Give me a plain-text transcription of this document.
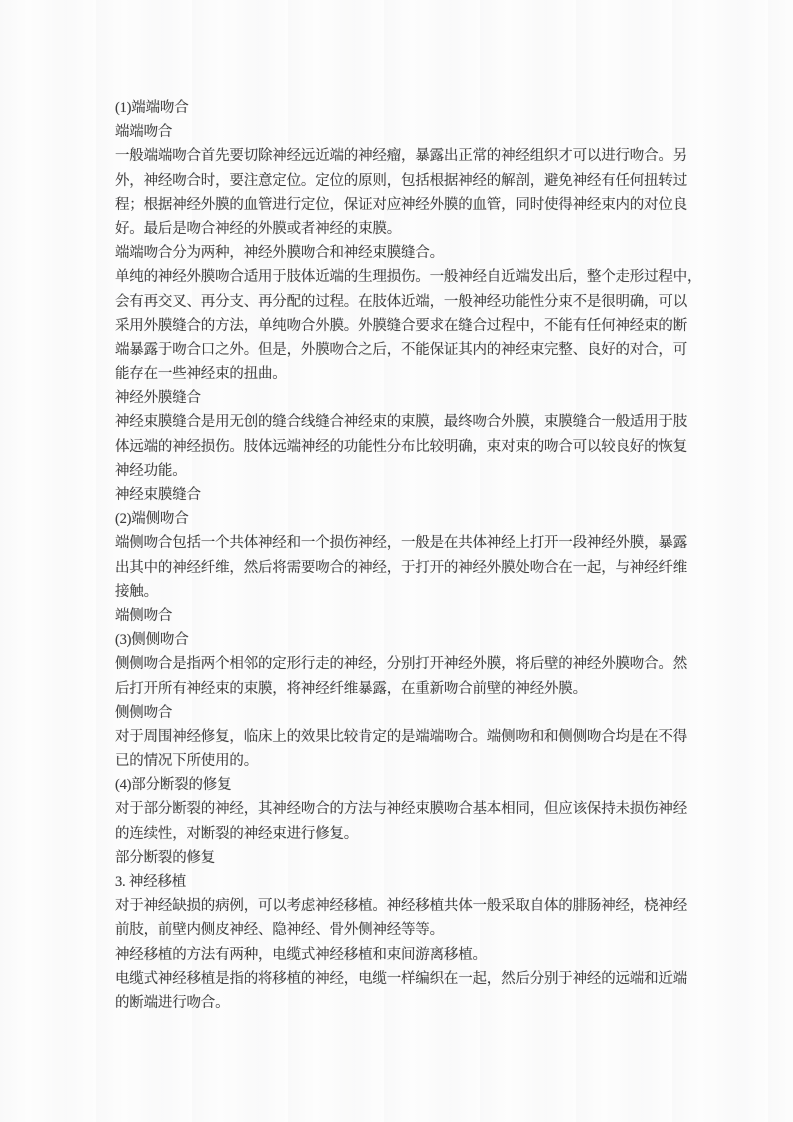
(1)端端吻合
端端吻合
一般端端吻合首先要切除神经远近端的神经瘤，暴露出正常的神经组织才可以进行吻合。另
外，神经吻合时，要注意定位。定位的原则，包括根据神经的解剖，避免神经有任何扭转过
程；根据神经外膜的血管进行定位，保证对应神经外膜的血管，同时使得神经束内的对位良
好。最后是吻合神经的外膜或者神经的束膜。
端端吻合分为两种，神经外膜吻合和神经束膜缝合。
单纯的神经外膜吻合适用于肢体近端的生理损伤。一般神经自近端发出后，整个走形过程中，
会有再交叉、再分支、再分配的过程。在肢体近端，一般神经功能性分束不是很明确，可以
采用外膜缝合的方法，单纯吻合外膜。外膜缝合要求在缝合过程中，不能有任何神经束的断
端暴露于吻合口之外。但是，外膜吻合之后，不能保证其内的神经束完整、良好的对合，可
能存在一些神经束的扭曲。
神经外膜缝合
神经束膜缝合是用无创的缝合线缝合神经束的束膜，最终吻合外膜，束膜缝合一般适用于肢
体远端的神经损伤。肢体远端神经的功能性分布比较明确，束对束的吻合可以较良好的恢复
神经功能。
神经束膜缝合
(2)端侧吻合
端侧吻合包括一个共体神经和一个损伤神经，一般是在共体神经上打开一段神经外膜，暴露
出其中的神经纤维，然后将需要吻合的神经，于打开的神经外膜处吻合在一起，与神经纤维
接触。
端侧吻合
(3)侧侧吻合
侧侧吻合是指两个相邻的定形行走的神经，分别打开神经外膜，将后壁的神经外膜吻合。然
后打开所有神经束的束膜，将神经纤维暴露，在重新吻合前壁的神经外膜。
侧侧吻合
对于周围神经修复，临床上的效果比较肯定的是端端吻合。端侧吻和和侧侧吻合均是在不得
已的情况下所使用的。
(4)部分断裂的修复
对于部分断裂的神经，其神经吻合的方法与神经束膜吻合基本相同，但应该保持未损伤神经
的连续性，对断裂的神经束进行修复。
部分断裂的修复
3. 神经移植
对于神经缺损的病例，可以考虑神经移植。神经移植共体一般采取自体的腓肠神经，桡神经
前肢，前壁内侧皮神经、隐神经、骨外侧神经等等。
神经移植的方法有两种，电缆式神经移植和束间游离移植。
电缆式神经移植是指的将移植的神经，电缆一样编织在一起，然后分别于神经的远端和近端
的断端进行吻合。
